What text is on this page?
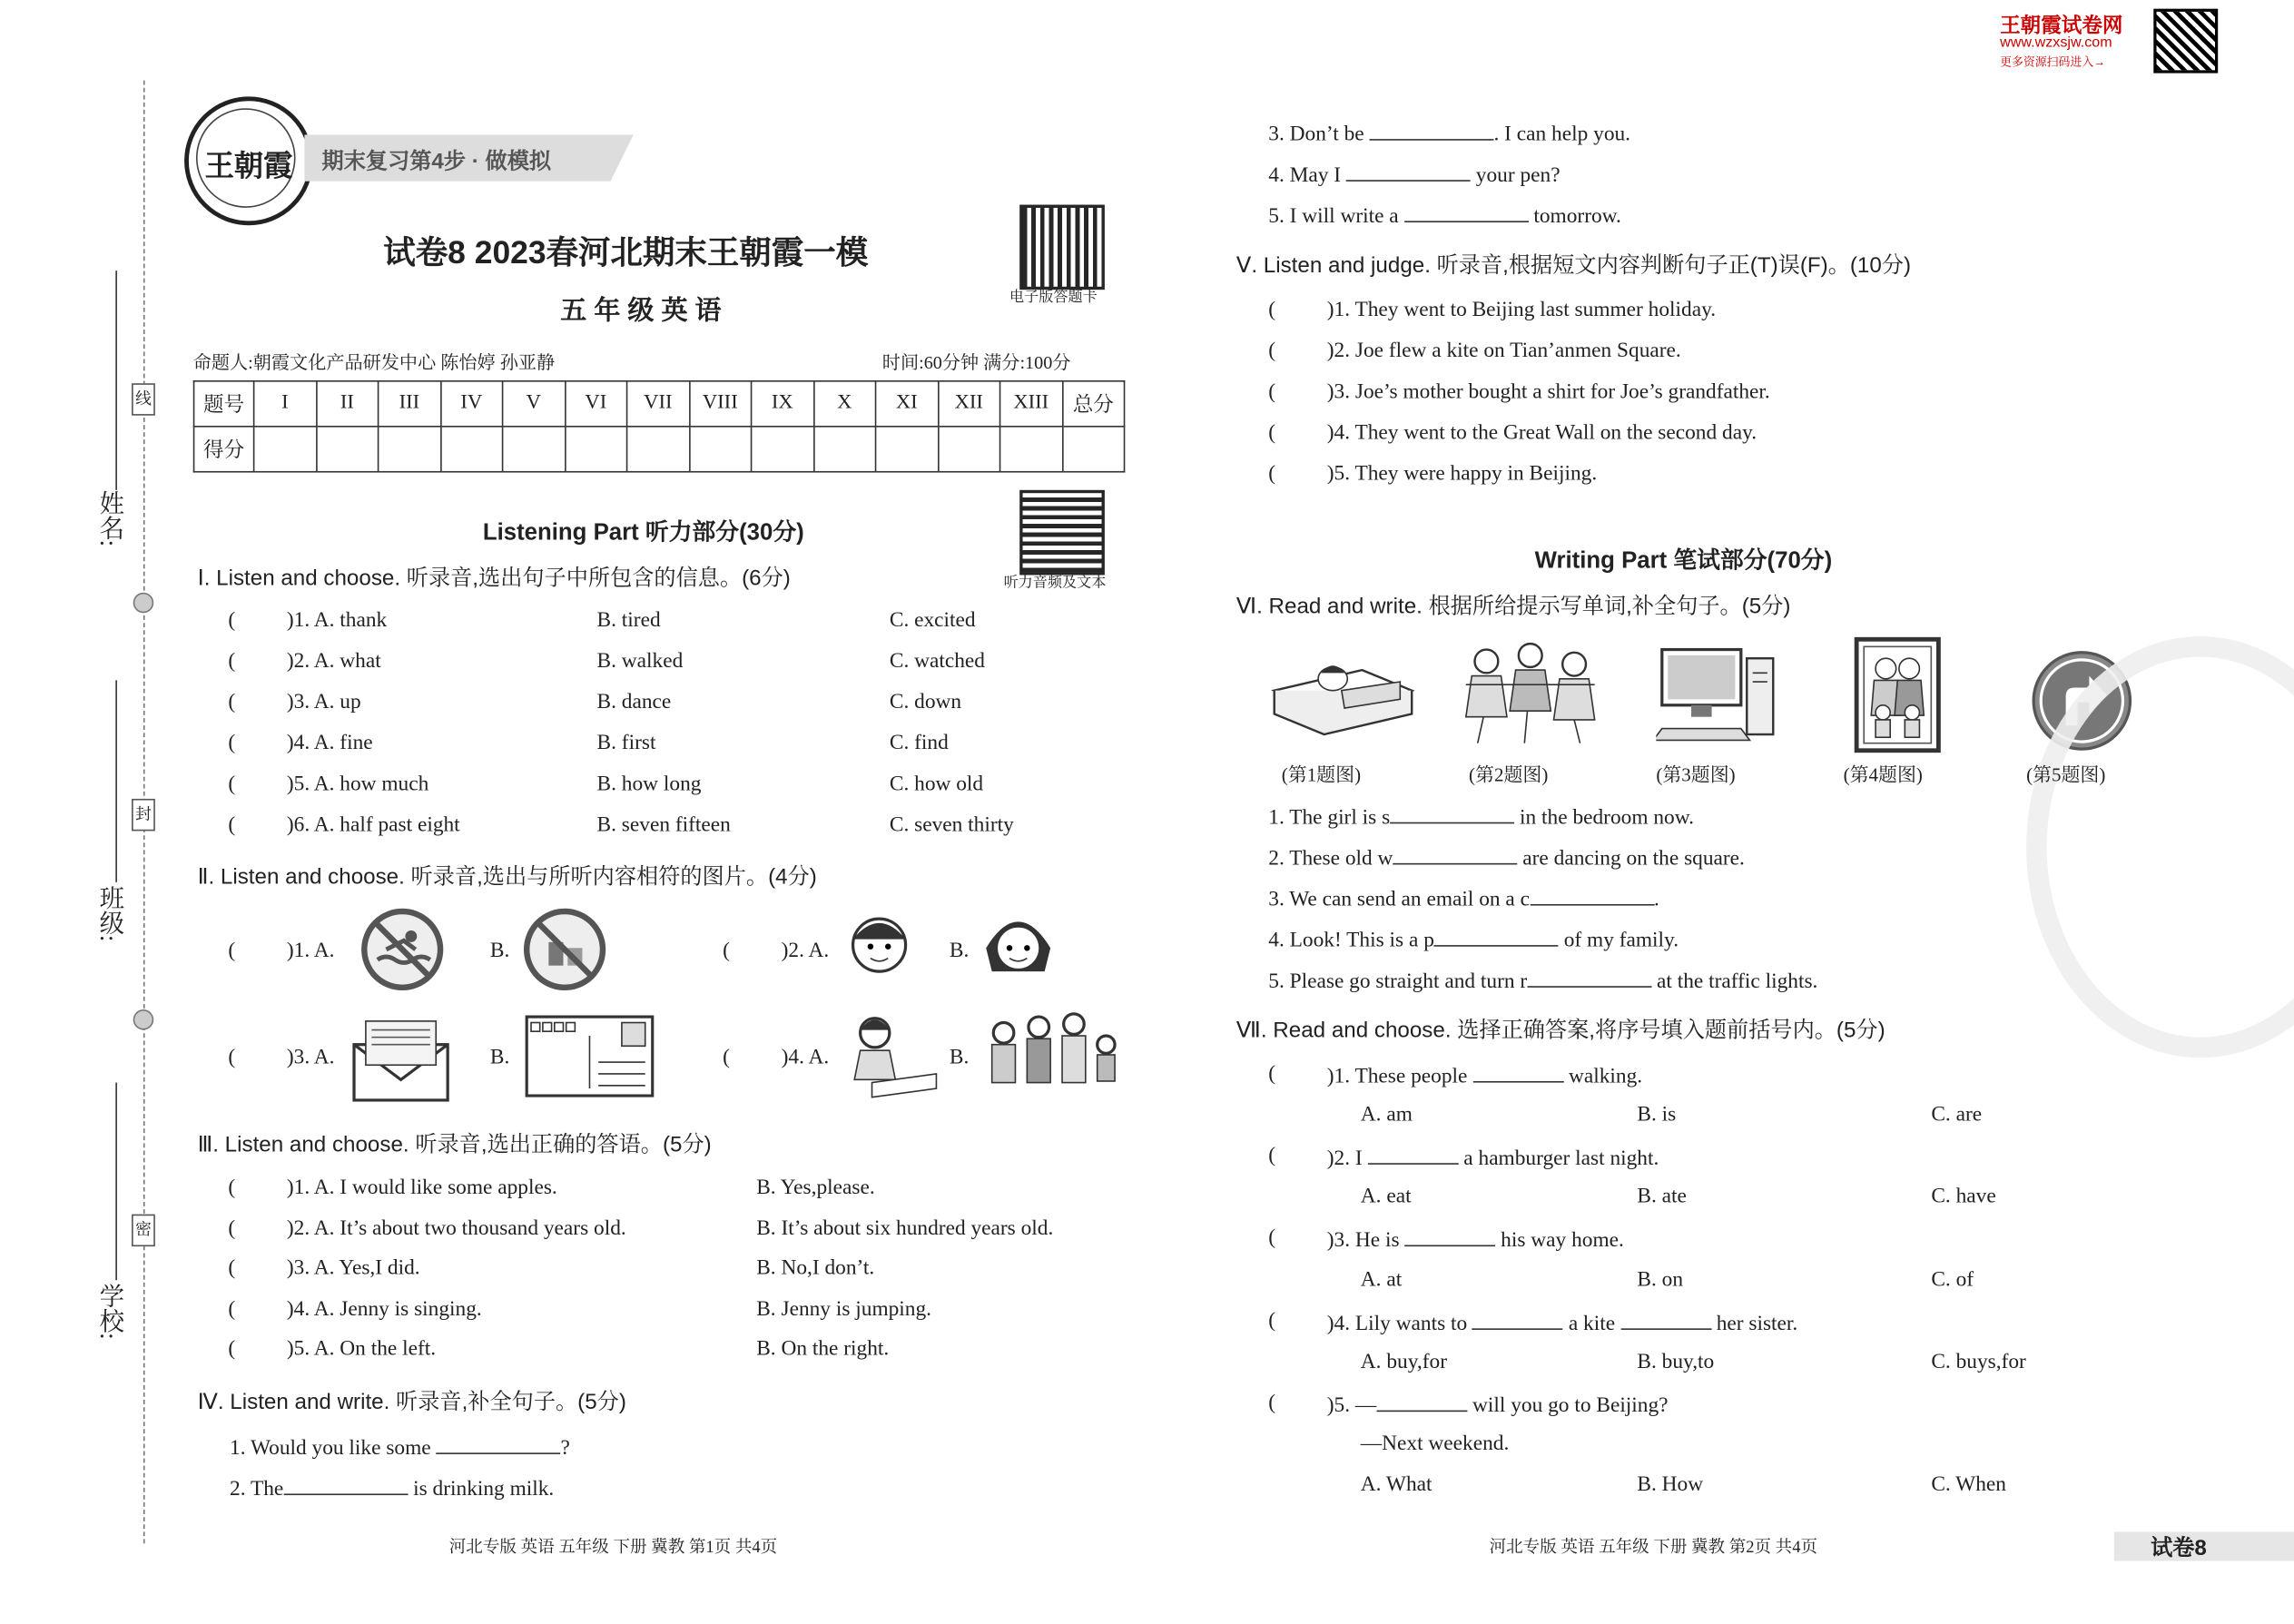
线
封
密
姓名:
班级:
学校:
王朝霞	期末复习第4步 · 做模拟
试卷8 2023春河北期末王朝霞一模
五 年 级 英 语	电子版答题卡
听力音频及文本
命题人:朝霞文化产品研发中心 陈怡婷 孙亚静	时间:60分钟 满分:100分
王朝霞试卷网
www.wzxsjw.com
更多资源扫码进入→
题号	I	II	III	IV	V	VI	VII	VIII	IX	X	XI	XII	XIII	总分
得分														
Listening Part 听力部分(30分)
Ⅰ. Listen and choose. 听录音,选出句子中所包含的信息。(6分)
(	)1. A. thank	B. tired	C. excited
(	)2. A. what	B. walked	C. watched
(	)3. A. up	B. dance	C. down
(	)4. A. fine	B. first	C. find
(	)5. A. how much	B. how long	C. how old
(	)6. A. half past eight	B. seven fifteen	C. seven thirty
Ⅱ. Listen and choose. 听录音,选出与所听内容相符的图片。(4分)
(	)1. A.	B.	(	)2. A.	B.
(	)3. A.	B.	(	)4. A.	B.
Ⅲ. Listen and choose. 听录音,选出正确的答语。(5分)
(	)1. A. I would like some apples.	B. Yes,please.
(	)2. A. It’s about two thousand years old.	B. It’s about six hundred years old.
(	)3. A. Yes,I did.	B. No,I don’t.
(	)4. A. Jenny is singing.	B. Jenny is jumping.
(	)5. A. On the left.	B. On the right.
Ⅳ. Listen and write. 听录音,补全句子。(5分)
1. Would you like some	?
2. The	is drinking milk.
3. Don’t be	. I can help you.
4. May I	your pen?
5. I will write a	tomorrow.
Ⅴ. Listen and judge. 听录音,根据短文内容判断句子正(T)误(F)。(10分)
(	)1. They went to Beijing last summer holiday.
(	)2. Joe flew a kite on Tian’anmen Square.
(	)3. Joe’s mother bought a shirt for Joe’s grandfather.
(	)4. They went to the Great Wall on the second day.
(	)5. They were happy in Beijing.
Writing Part 笔试部分(70分)
Ⅵ. Read and write. 根据所给提示写单词,补全句子。(5分)
(第1题图)	(第2题图)	(第3题图)	(第4题图)	(第5题图)
1. The girl is s	in the bedroom now.
2. These old w	are dancing on the square.
3. We can send an email on a c	.
4. Look! This is a p	of my family.
5. Please go straight and turn r	at the traffic lights.
Ⅶ. Read and choose. 选择正确答案,将序号填入题前括号内。(5分)
(	)1. These people	walking.
A. am	B. is	C. are
(	)2. I	a hamburger last night.
A. eat	B. ate	C. have
(	)3. He is	his way home.
A. at	B. on	C. of
(	)4. Lily wants to	a kite	her sister.
A. buy,for	B. buy,to	C. buys,for
(	)5. —	will you go to Beijing?
—Next weekend.
A. What	B. How	C. When
河北专版 英语 五年级 下册 冀教 第1页 共4页	河北专版 英语 五年级 下册 冀教 第2页 共4页	试卷8
